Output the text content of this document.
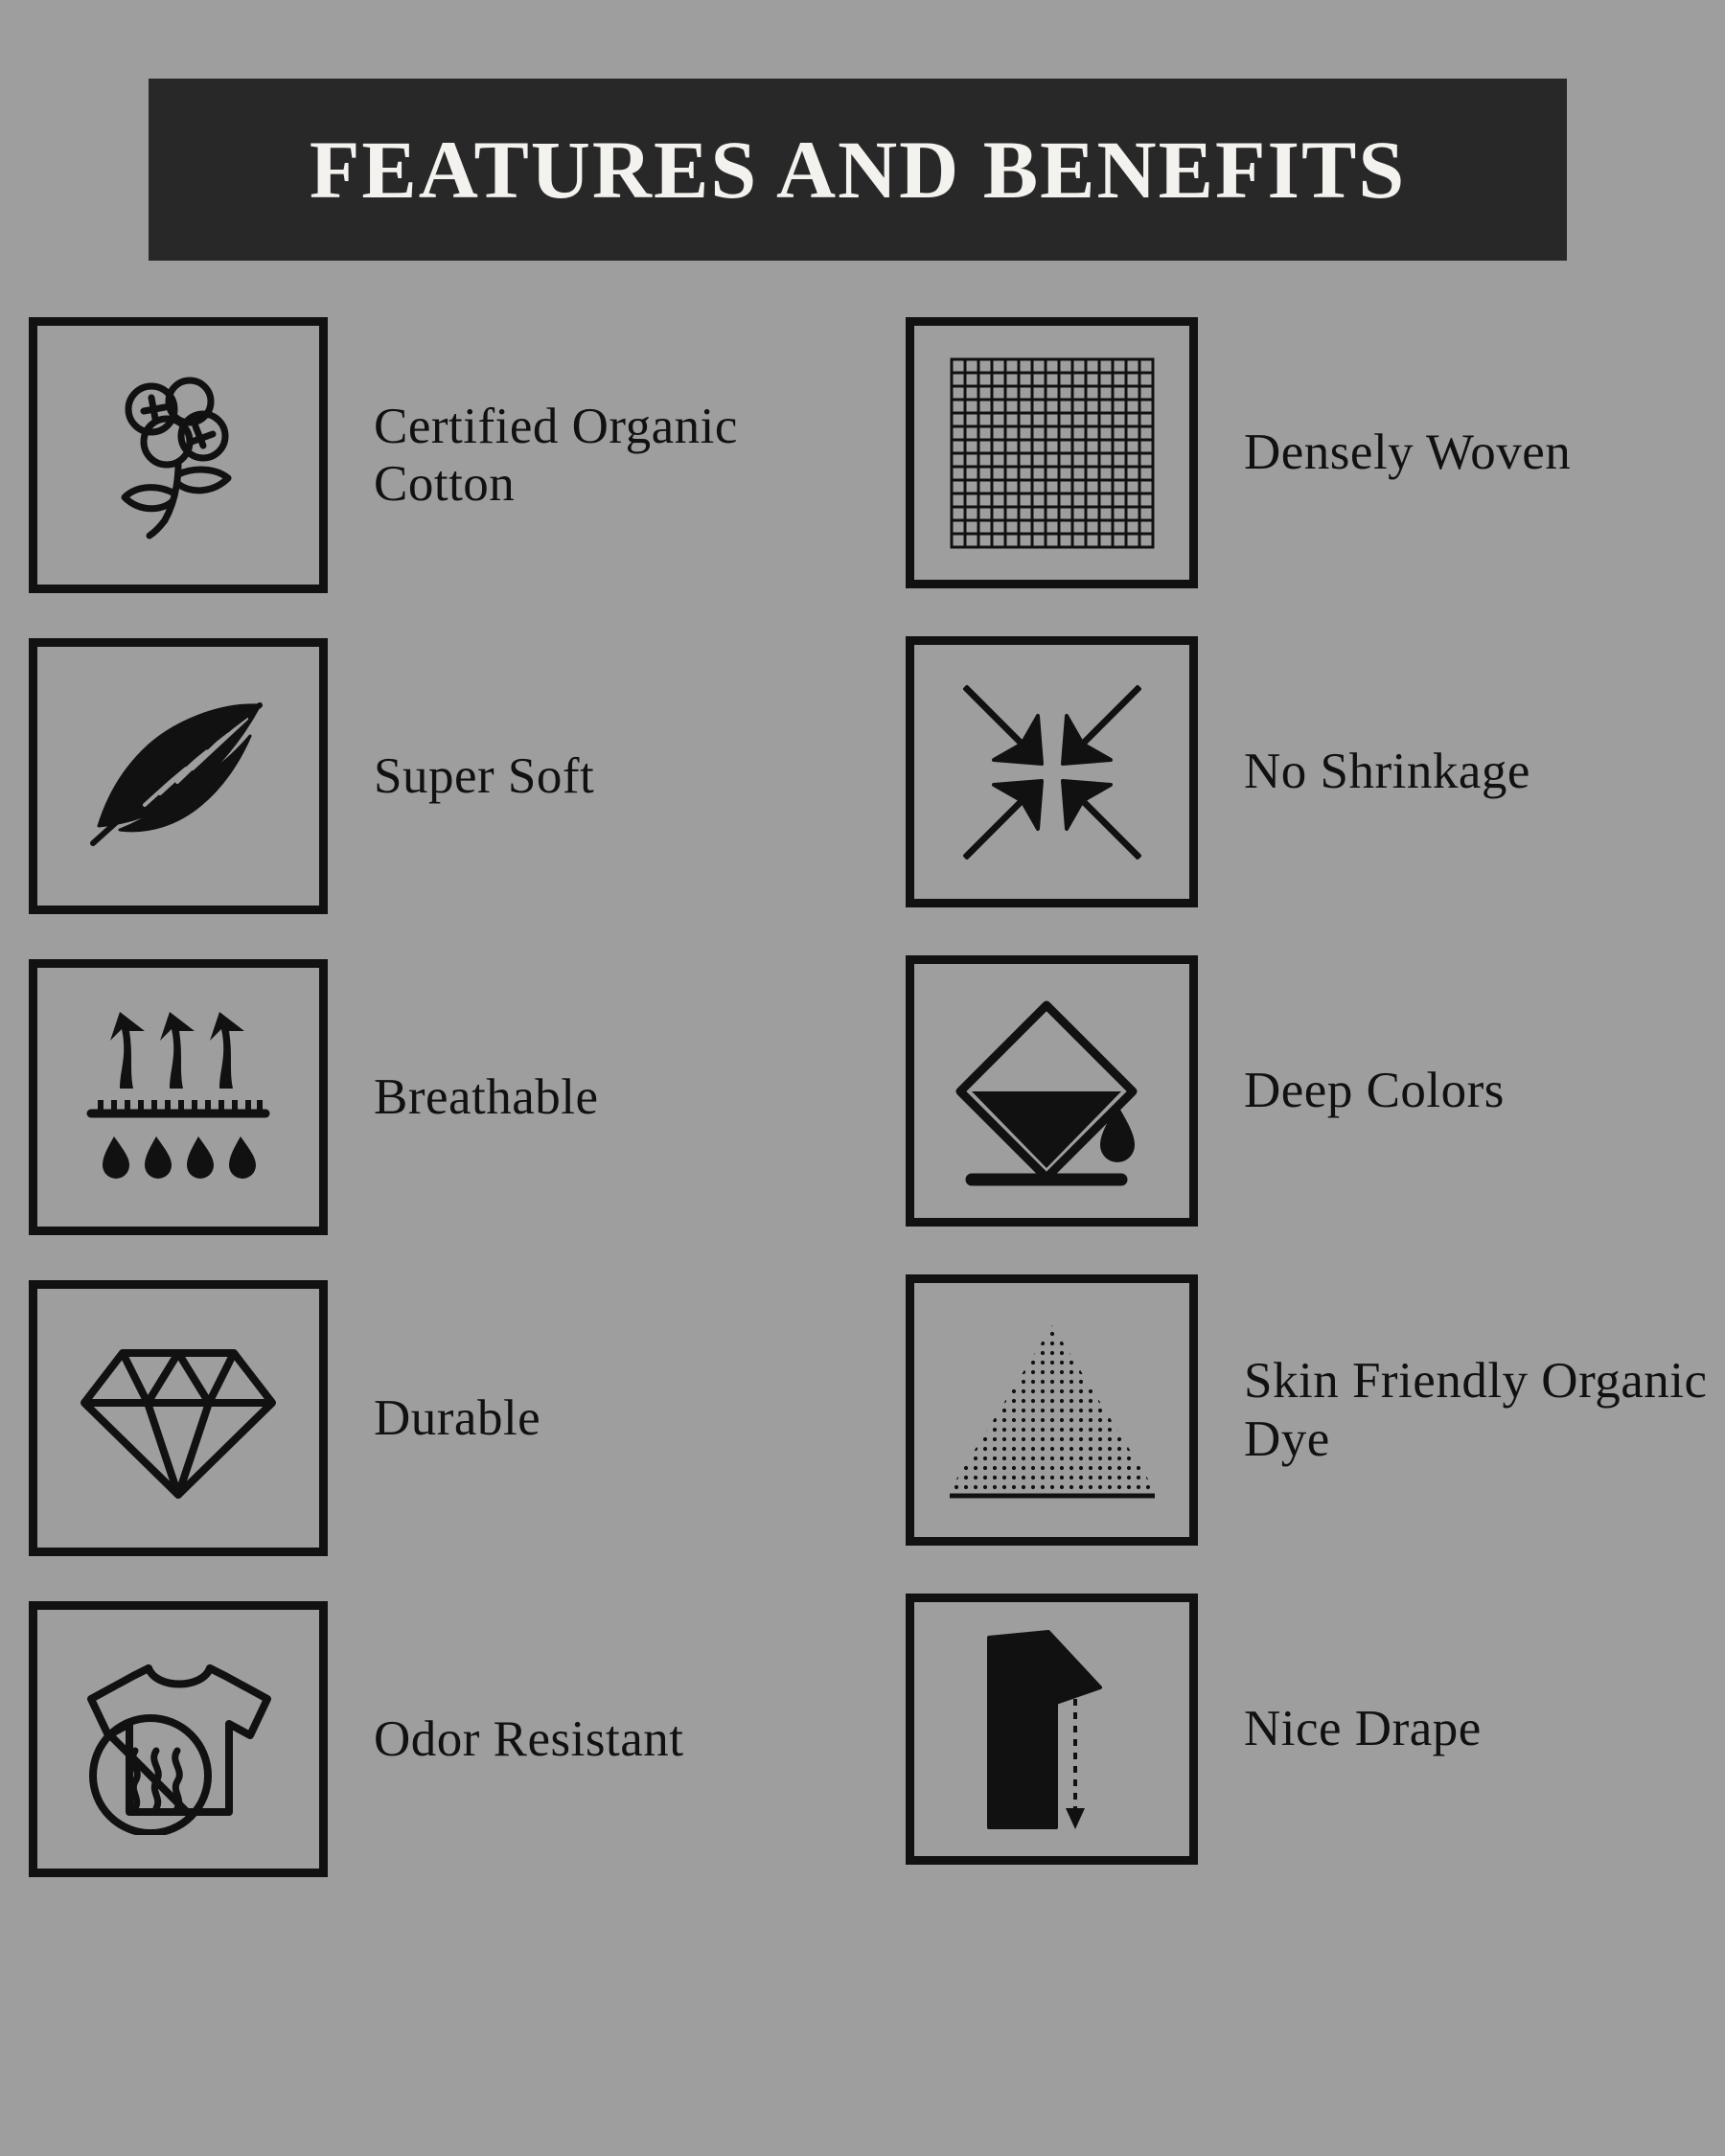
FEATURES AND BENEFITS
Certified Organic Cotton
Super Soft
Breathable
Durable
Odor Resistant
Densely Woven
No Shrinkage
Deep Colors
Skin Friendly Organic Dye
Nice Drape
